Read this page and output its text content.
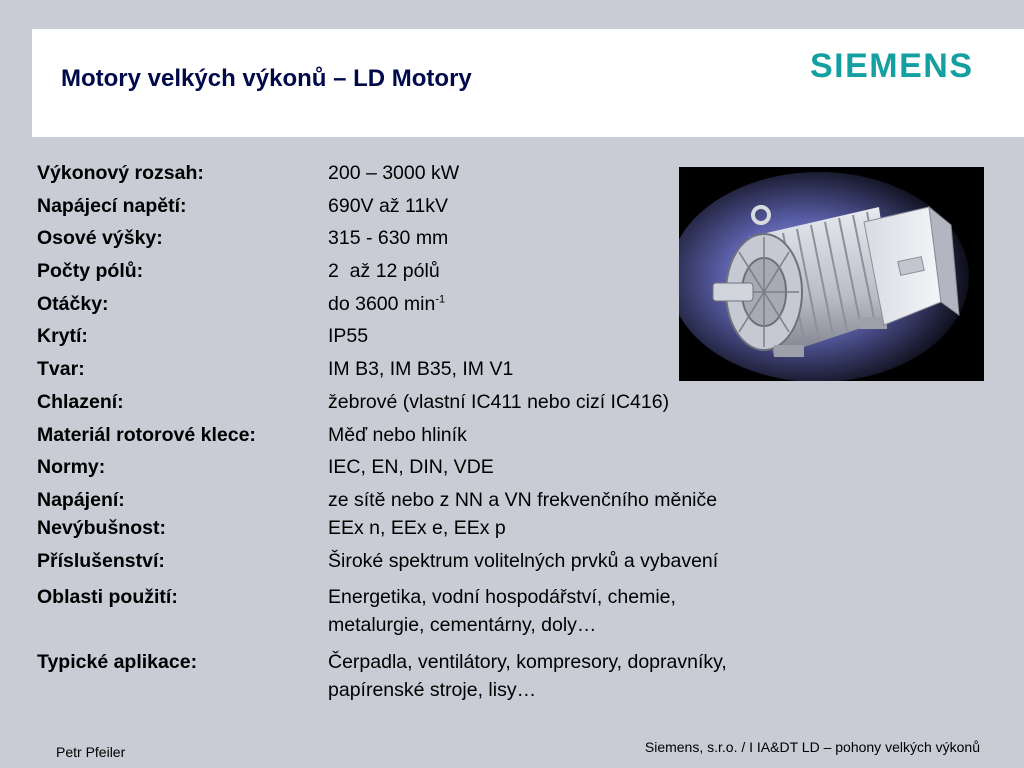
Motory velkých výkonů – LD Motory	SIEMENS
Výkonový rozsah:	200 – 3000 kW
Napájecí napětí:	690V až 11kV
Osové výšky:	315 - 630 mm
Počty pólů:	2  až 12 pólů
Otáčky:	do 3600 $\min^{-1}$
Krytí:	IP55
Tvar:	IM B3, IM B35, IM V1
Chlazení:	žebrové (vlastní IC411 nebo cizí IC416)
Materiál rotorové klece:	Měď nebo hliník
Normy:	IEC, EN, DIN, VDE
Napájení:	ze sítě nebo z NN a VN frekvenčního měniče
Nevýbušnost:	EEx n, EEx e, EEx p
Příslušenství:	Široké spektrum volitelných prvků a vybavení
Oblasti použití:	Energetika, vodní hospodářství, chemie,
metalurgie, cementárny, doly…
Typické aplikace:	Čerpadla, ventilátory, kompresory, dopravníky,
papírenské stroje, lisy…
Petr Pfeiler	Siemens, s.r.o. / I IA&DT LD – pohony velkých výkonů
